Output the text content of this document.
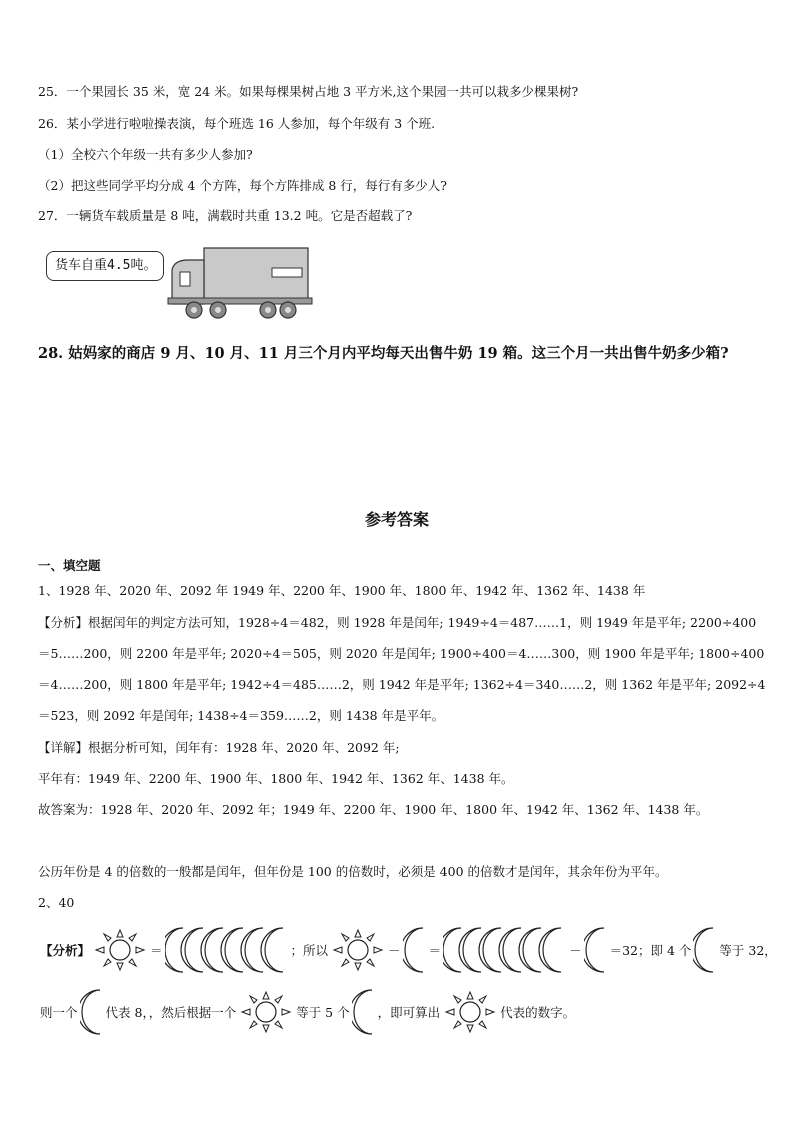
25．一个果园长 35 米，宽 24 米。如果每棵果树占地 3 平方米,这个果园一共可以栽多少棵果树?
26．某小学进行啦啦操表演，每个班选 16 人参加，每个年级有 3 个班.
（1）全校六个年级一共有多少人参加?
（2）把这些同学平均分成 4 个方阵，每个方阵排成 8 行，每行有多少人?
27．一辆货车载质量是 8 吨，满载时共重 13.2 吨。它是否超载了?
货车自重4.5吨。
28. 姑妈家的商店 9 月、10 月、11 月三个月内平均每天出售牛奶 19 箱。这三个月一共出售牛奶多少箱?
参考答案
一、填空题
1、1928 年、2020 年、2092 年 1949 年、2200 年、1900 年、1800 年、1942 年、1362 年、1438 年
【分析】根据闰年的判定方法可知，1928÷4＝482，则 1928 年是闰年; 1949÷4＝487……1，则 1949 年是平年; 2200÷400
＝5……200，则 2200 年是平年; 2020÷4＝505，则 2020 年是闰年; 1900÷400＝4……300，则 1900 年是平年; 1800÷400
＝4……200，则 1800 年是平年; 1942÷4＝485……2，则 1942 年是平年; 1362÷4＝340……2，则 1362 年是平年; 2092÷4
＝523，则 2092 年是闰年; 1438÷4＝359……2，则 1438 年是平年。
【详解】根据分析可知，闰年有：1928 年、2020 年、2092 年;
平年有：1949 年、2200 年、1900 年、1800 年、1942 年、1362 年、1438 年。
故答案为：1928 年、2020 年、2092 年；1949 年、2200 年、1900 年、1800 年、1942 年、1362 年、1438 年。
公历年份是 4 的倍数的一般都是闰年，但年份是 100 的倍数时，必须是 400 的倍数才是闰年，其余年份为平年。
2、40
【分析】	＝	；所以	－ ＝	－ ＝32；即 4 个 等于 32，
则一个 代表 8，，然后根据一个	等于 5 个 ，即可算出	代表的数字。
